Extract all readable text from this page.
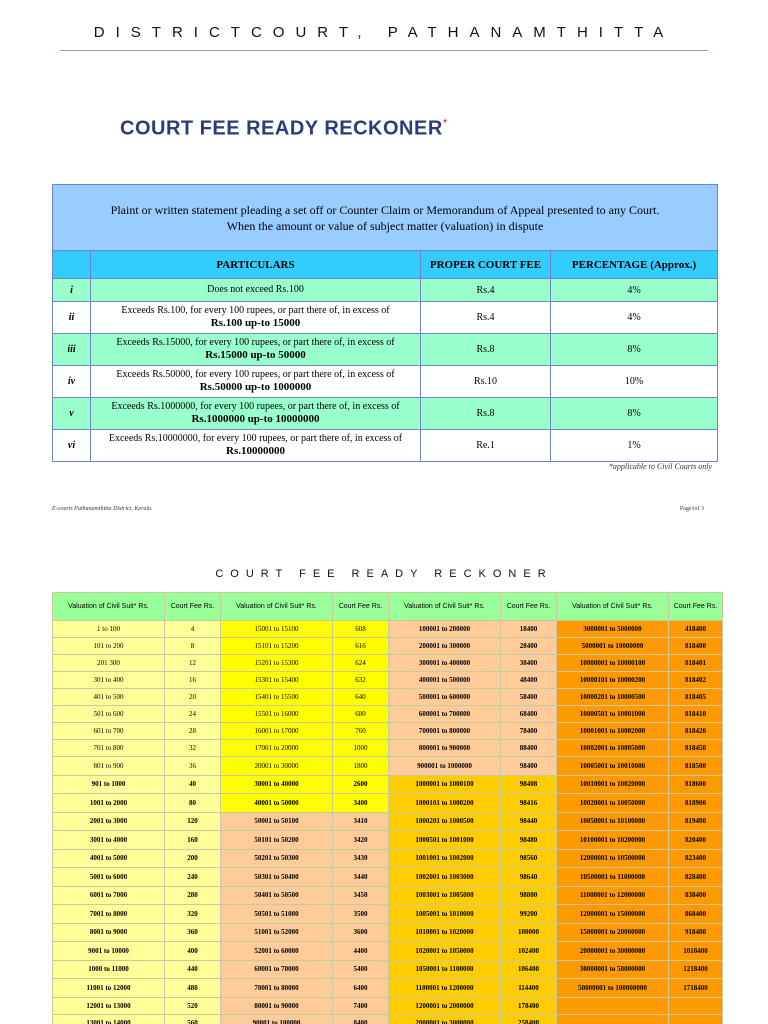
DISTRICTCOURT, PATHANAMTHITTA
COURT FEE READY RECKONER*
Plaint or written statement pleading a set off or Counter Claim or Memorandum of Appeal presented to any Court.
When the amount or value of subject matter (valuation) in dispute			

	PARTICULARS	PROPER COURT FEE	PERCENTAGE (Approx.)
i	Does not exceed Rs.100	Rs.4	4%
ii	Exceeds Rs.100, for every 100 rupees, or part there of, in excess of
Rs.100 up-to 15000	Rs.4	4%
iii	Exceeds Rs.15000, for every 100 rupees, or part there of, in excess of
Rs.15000 up-to 50000	Rs.8	8%
iv	Exceeds Rs.50000, for every 100 rupees, or part there of, in excess of
Rs.50000 up-to 1000000	Rs.10	10%
v	Exceeds Rs.1000000, for every 100 rupees, or part there of, in excess of
Rs.1000000 up-to 10000000	Rs.8	8%
vi	Exceeds Rs.10000000, for every 100 rupees, or part there of, in excess of
Rs.10000000	Re.1	1%
*applicable to Civil Courts only
E-courts Pathanamthitta District, Kerala.	Page1of 3
COURT FEE READY RECKONER
Valuation of Civil Suit* Rs.	Court Fee Rs.	Valuation of Civil Suit* Rs.	Court Fee Rs.	Valuation of Civil Suit* Rs.	Court Fee Rs.	Valuation of Civil Suit* Rs.	Court Fee Rs.
1 to 100	4	15001 to 15100	608	100001 to 200000	18400	3000001 to 5000000	418400
101 to 200	8	15101 to 15200	616	200001 to 300000	28400	5000001 to 10000000	818400
201 300	12	15201 to 15300	624	300001 to 400000	38400	10000001 to 10000100	818401
301 to 400	16	15301 to 15400	632	400001 to 500000	48400	10000101 to 10000200	818402
401 to 500	20	15401 to 15500	640	500001 to 600000	58400	10000201 to 10000500	818405
501 to 600	24	15501 to 16000	680	600001 to 700000	68400	10000501 to 10001000	818410
601 to 700	28	16001 to 17000	760	700001 to 800000	78400	10001001 to 10002000	818420
701 to 800	32	17001 to 20000	1000	800001 to 900000	88400	10002001 to 10005000	818450
801 to 900	36	20001 to 30000	1800	900001 to 1000000	98400	10005001 to 10010000	818500
901 to 1000	40	30001 to 40000	2600	1000001 to 1000100	98408	10010001 to 10020000	818600
1001 to 2000	80	40001 to 50000	3400	1000101 to 1000200	98416	10020001 to 10050000	818900
2001 to 3000	120	50001 to 50100	3410	1000201 to 1000500	98440	10050001 to 10100000	819400
3001 to 4000	160	50101 to 50200	3420	1000501 to 1001000	98480	10100001 to 10200000	820400
4001 to 5000	200	50201 to 50300	3430	1001001 to 1002000	98560	12000001 to 10500000	823400
5001 to 6000	240	50301 to 50400	3440	1002001 to 1003000	98640	10500001 to 11000000	828400
6001 to 7000	280	50401 to 50500	3450	1003001 to 1005000	98800	11000001 to 12000000	838400
7001 to 8000	320	50501 to 51000	3500	1005001 to 1010000	99200	12000001 to 15000000	868400
8001 to 9000	360	51001 to 52000	3600	1010001 to 1020000	100000	15000001 to 20000000	918400
9001 to 10000	400	52001 to 60000	4400	1020001 to 1050000	102400	20000001 to 30000000	1018400
1000 to 11000	440	60001 to 70000	5400	1050001 to 1100000	106400	30000001 to 50000000	1218400
11001 to 12000	480	70001 to 80000	6400	1100001 to 1200000	114400	50000001 to 100000000	1718400
12001 to 13000	520	80001 to 90000	7400	1200001 to 2000000	178400		
13001 to 14000	560	90001 to 100000	8400	2000001 to 3000000	258400		
